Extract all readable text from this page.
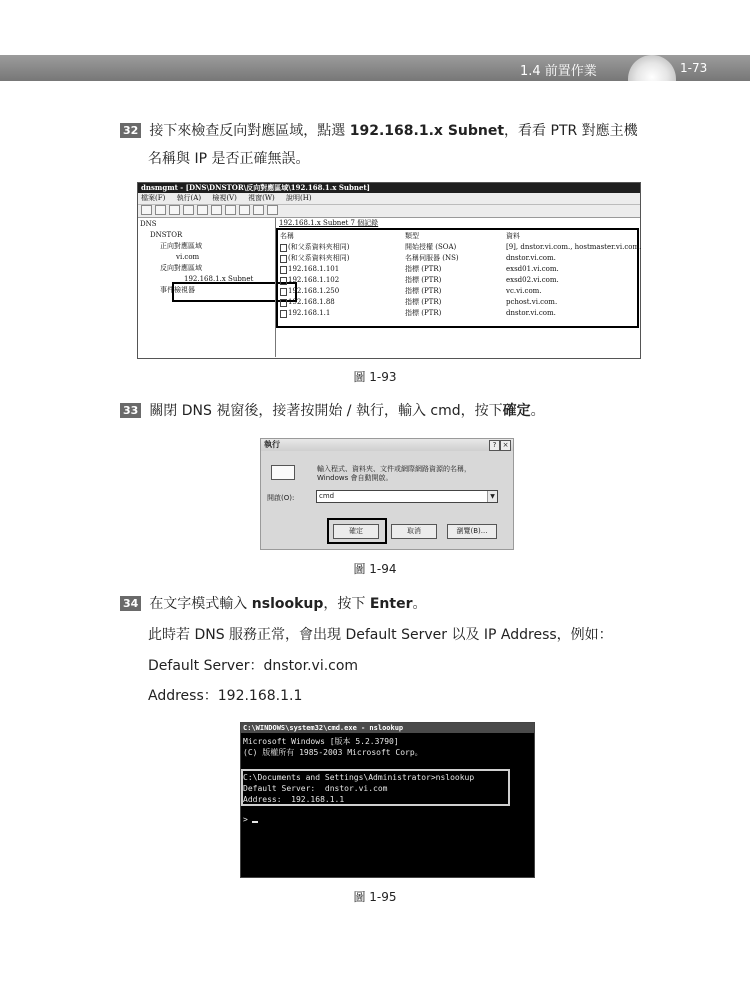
1.4 前置作業	1-73
32 接下來檢查反向對應區域，點選 192.168.1.x Subnet，看看 PTR 對應主機
名稱與 IP 是否正確無誤。
dnsmgmt - [DNS\DNSTOR\反向對應區域\192.168.1.x Subnet]
檔案(F) 執行(A) 檢視(V) 視窗(W) 說明(H)
DNS
DNSTOR
正向對應區域
vi.com
反向對應區域
192.168.1.x Subnet
事件檢視器
192.168.1.x Subnet 7 個記錄
名稱	類型	資料
(和父系資料夾相同)	開始授權 (SOA)	[9], dnstor.vi.com., hostmaster.vi.com.
(和父系資料夾相同)	名稱伺服器 (NS)	dnstor.vi.com.
192.168.1.101	指標 (PTR)	exsd01.vi.com.
192.168.1.102	指標 (PTR)	exsd02.vi.com.
192.168.1.250	指標 (PTR)	vc.vi.com.
192.168.1.88	指標 (PTR)	pchost.vi.com.
192.168.1.1	指標 (PTR)	dnstor.vi.com.
圖 1-93
33 關閉 DNS 視窗後，接著按開始 / 執行，輸入 cmd，按下確定。
執行	? ×
輸入程式、資料夾、文件或網際網路資源的名稱，
Windows 會自動開啟。
開啟(O):	cmd	▼
確定	取消	瀏覽(B)...
圖 1-94
34 在文字模式輸入 nslookup，按下 Enter。
此時若 DNS 服務正常，會出現 Default Server 以及 IP Address，例如：
Default Server：dnstor.vi.com
Address：192.168.1.1
C:\WINDOWS\system32\cmd.exe - nslookup
Microsoft Windows [版本 5.2.3790]
(C) 版權所有 1985-2003 Microsoft Corp。
C:\Documents and Settings\Administrator>nslookup
Default Server:  dnstor.vi.com
Address:  192.168.1.1
>
圖 1-95
